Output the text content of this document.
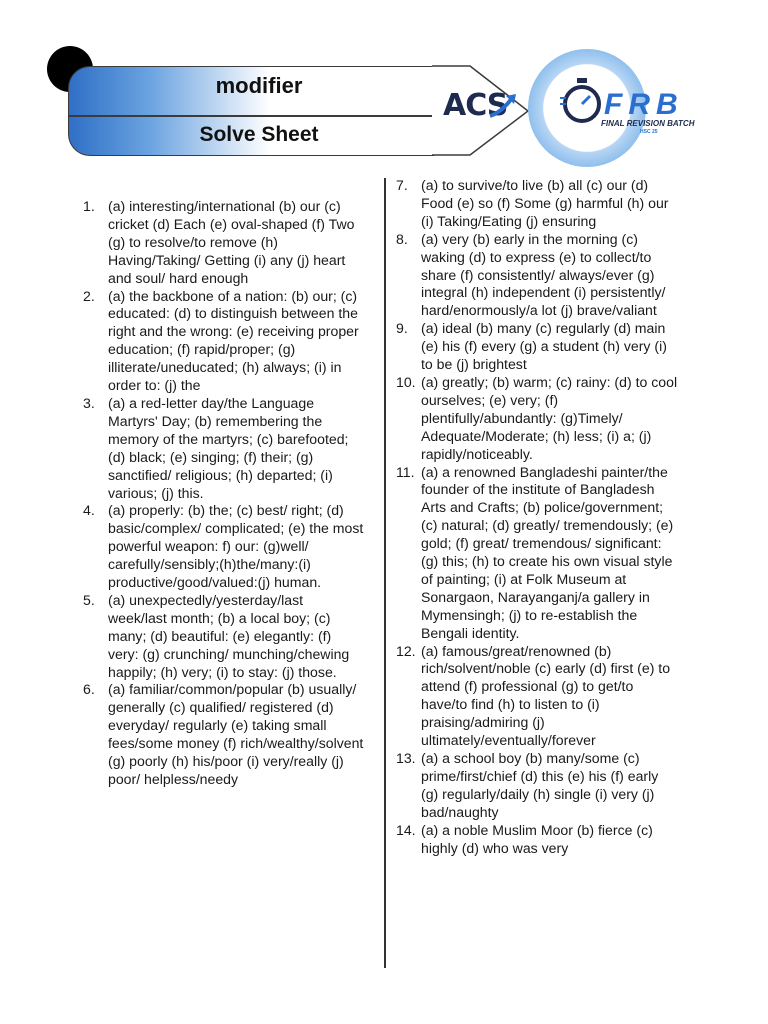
modifier
Solve Sheet
ACS	FRB
FINAL REVISION BATCH
HSC 25
1. (a) interesting/international (b) our (c) cricket (d) Each (e) oval-shaped (f) Two (g) to resolve/to remove (h) Having/Taking/ Getting (i) any (j) heart and soul/ hard enough
2. (a) the backbone of a nation: (b) our; (c) educated: (d) to distinguish between the right and the wrong: (e) receiving proper education; (f) rapid/proper; (g) illiterate/uneducated; (h) always; (i) in order to: (j) the
3. (a) a red-letter day/the Language Martyrs' Day; (b) remembering the memory of the martyrs; (c) barefooted; (d) black; (e) singing; (f) their; (g) sanctified/ religious; (h) departed; (i) various; (j) this.
4. (a) properly: (b) the; (c) best/ right; (d) basic/complex/ complicated; (e) the most powerful weapon: f) our: (g)well/ carefully/sensibly;(h)the/many:(i) productive/good/valued:(j) human.
5. (a) unexpectedly/yesterday/last week/last month; (b) a local boy; (c) many; (d) beautiful: (e) elegantly: (f) very: (g) crunching/ munching/chewing happily; (h) very; (i) to stay: (j) those.
6. (a) familiar/common/popular (b) usually/ generally (c) qualified/ registered (d) everyday/ regularly (e) taking small fees/some money (f) rich/wealthy/solvent (g) poorly (h) his/poor (i) very/really (j) poor/ helpless/needy
7. (a) to survive/to live (b) all (c) our (d) Food (e) so (f) Some (g) harmful (h) our (i) Taking/Eating (j) ensuring
8. (a) very (b) early in the morning (c) waking (d) to express (e) to collect/to share (f) consistently/ always/ever (g) integral (h) independent (i) persistently/ hard/enormously/a lot (j) brave/valiant
9. (a) ideal (b) many (c) regularly (d) main (e) his (f) every (g) a student (h) very (i) to be (j) brightest
10. (a) greatly; (b) warm; (c) rainy: (d) to cool ourselves; (e) very; (f) plentifully/abundantly: (g)Timely/ Adequate/Moderate; (h) less; (i) a; (j) rapidly/noticeably.
11. (a) a renowned Bangladeshi painter/the founder of the institute of Bangladesh Arts and Crafts; (b) police/government; (c) natural; (d) greatly/ tremendously; (e) gold; (f) great/ tremendous/ significant: (g) this; (h) to create his own visual style of painting; (i) at Folk Museum at Sonargaon, Narayanganj/a gallery in Mymensingh; (j) to re-establish the Bengali identity.
12. (a) famous/great/renowned (b) rich/solvent/noble (c) early (d) first (e) to attend (f) professional (g) to get/to have/to find (h) to listen to (i) praising/admiring (j) ultimately/eventually/forever
13. (a) a school boy (b) many/some (c) prime/first/chief (d) this (e) his (f) early (g) regularly/daily (h) single (i) very (j) bad/naughty
14. (a) a noble Muslim Moor (b) fierce (c) highly (d) who was very
